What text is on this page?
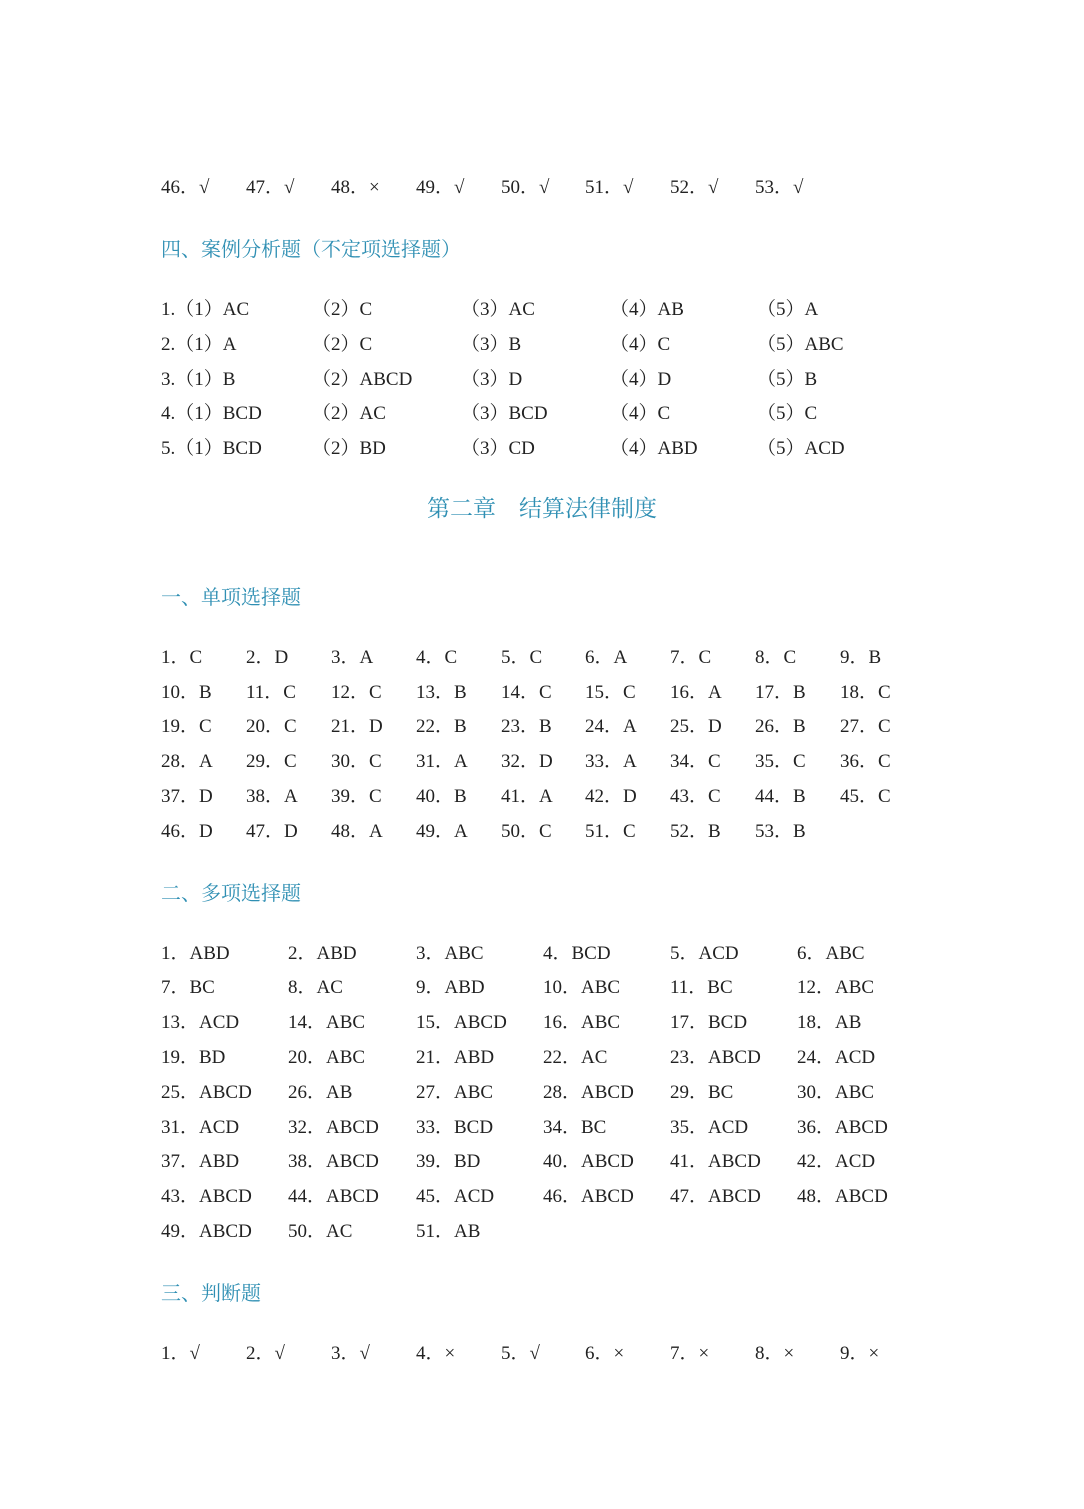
46．√ 47．√ 48．× 49．√ 50．√ 51．√ 52．√ 53．√
四、案例分析题（不定项选择题）
1.（1）AC	（2）C	（3）AC	（4）AB	（5）A
2.（1）A	（2）C	（3）B	（4）C	（5）ABC
3.（1）B	（2）ABCD	（3）D	（4）D	（5）B
4.（1）BCD	（2）AC	（3）BCD	（4）C	（5）C
5.（1）BCD	（2）BD	（3）CD	（4）ABD	（5）ACD
第二章　结算法律制度
一、单项选择题
1．C 2．D 3．A 4．C 5．C 6．A 7．C 8．C 9．B
10．B 11．C 12．C 13．B 14．C 15．C 16．A 17．B 18．C
19．C 20．C 21．D 22．B 23．B 24．A 25．D 26．B 27．C
28．A 29．C 30．C 31．A 32．D 33．A 34．C 35．C 36．C
37．D 38．A 39．C 40．B 41．A 42．D 43．C 44．B 45．C
46．D 47．D 48．A 49．A 50．C 51．C 52．B 53．B
二、多项选择题
1．ABD	2．ABD	3．ABC	4．BCD	5．ACD	6．ABC
7．BC	8．AC	9．ABD	10．ABC	11．BC	12．ABC
13．ACD	14．ABC	15．ABCD 16．ABC	17．BCD	18．AB
19．BD	20．ABC	21．ABD	22．AC	23．ABCD 24．ACD
25．ABCD 26．AB	27．ABC	28．ABCD 29．BC	30．ABC
31．ACD	32．ABCD 33．BCD	34．BC	35．ACD	36．ABCD
37．ABD	38．ABCD 39．BD	40．ABCD 41．ABCD 42．ACD
43．ABCD 44．ABCD 45．ACD	46．ABCD 47．ABCD 48．ABCD
49．ABCD 50．AC	51．AB
三、判断题
1．√ 2．√ 3．√ 4．× 5．√ 6．× 7．× 8．× 9．×
